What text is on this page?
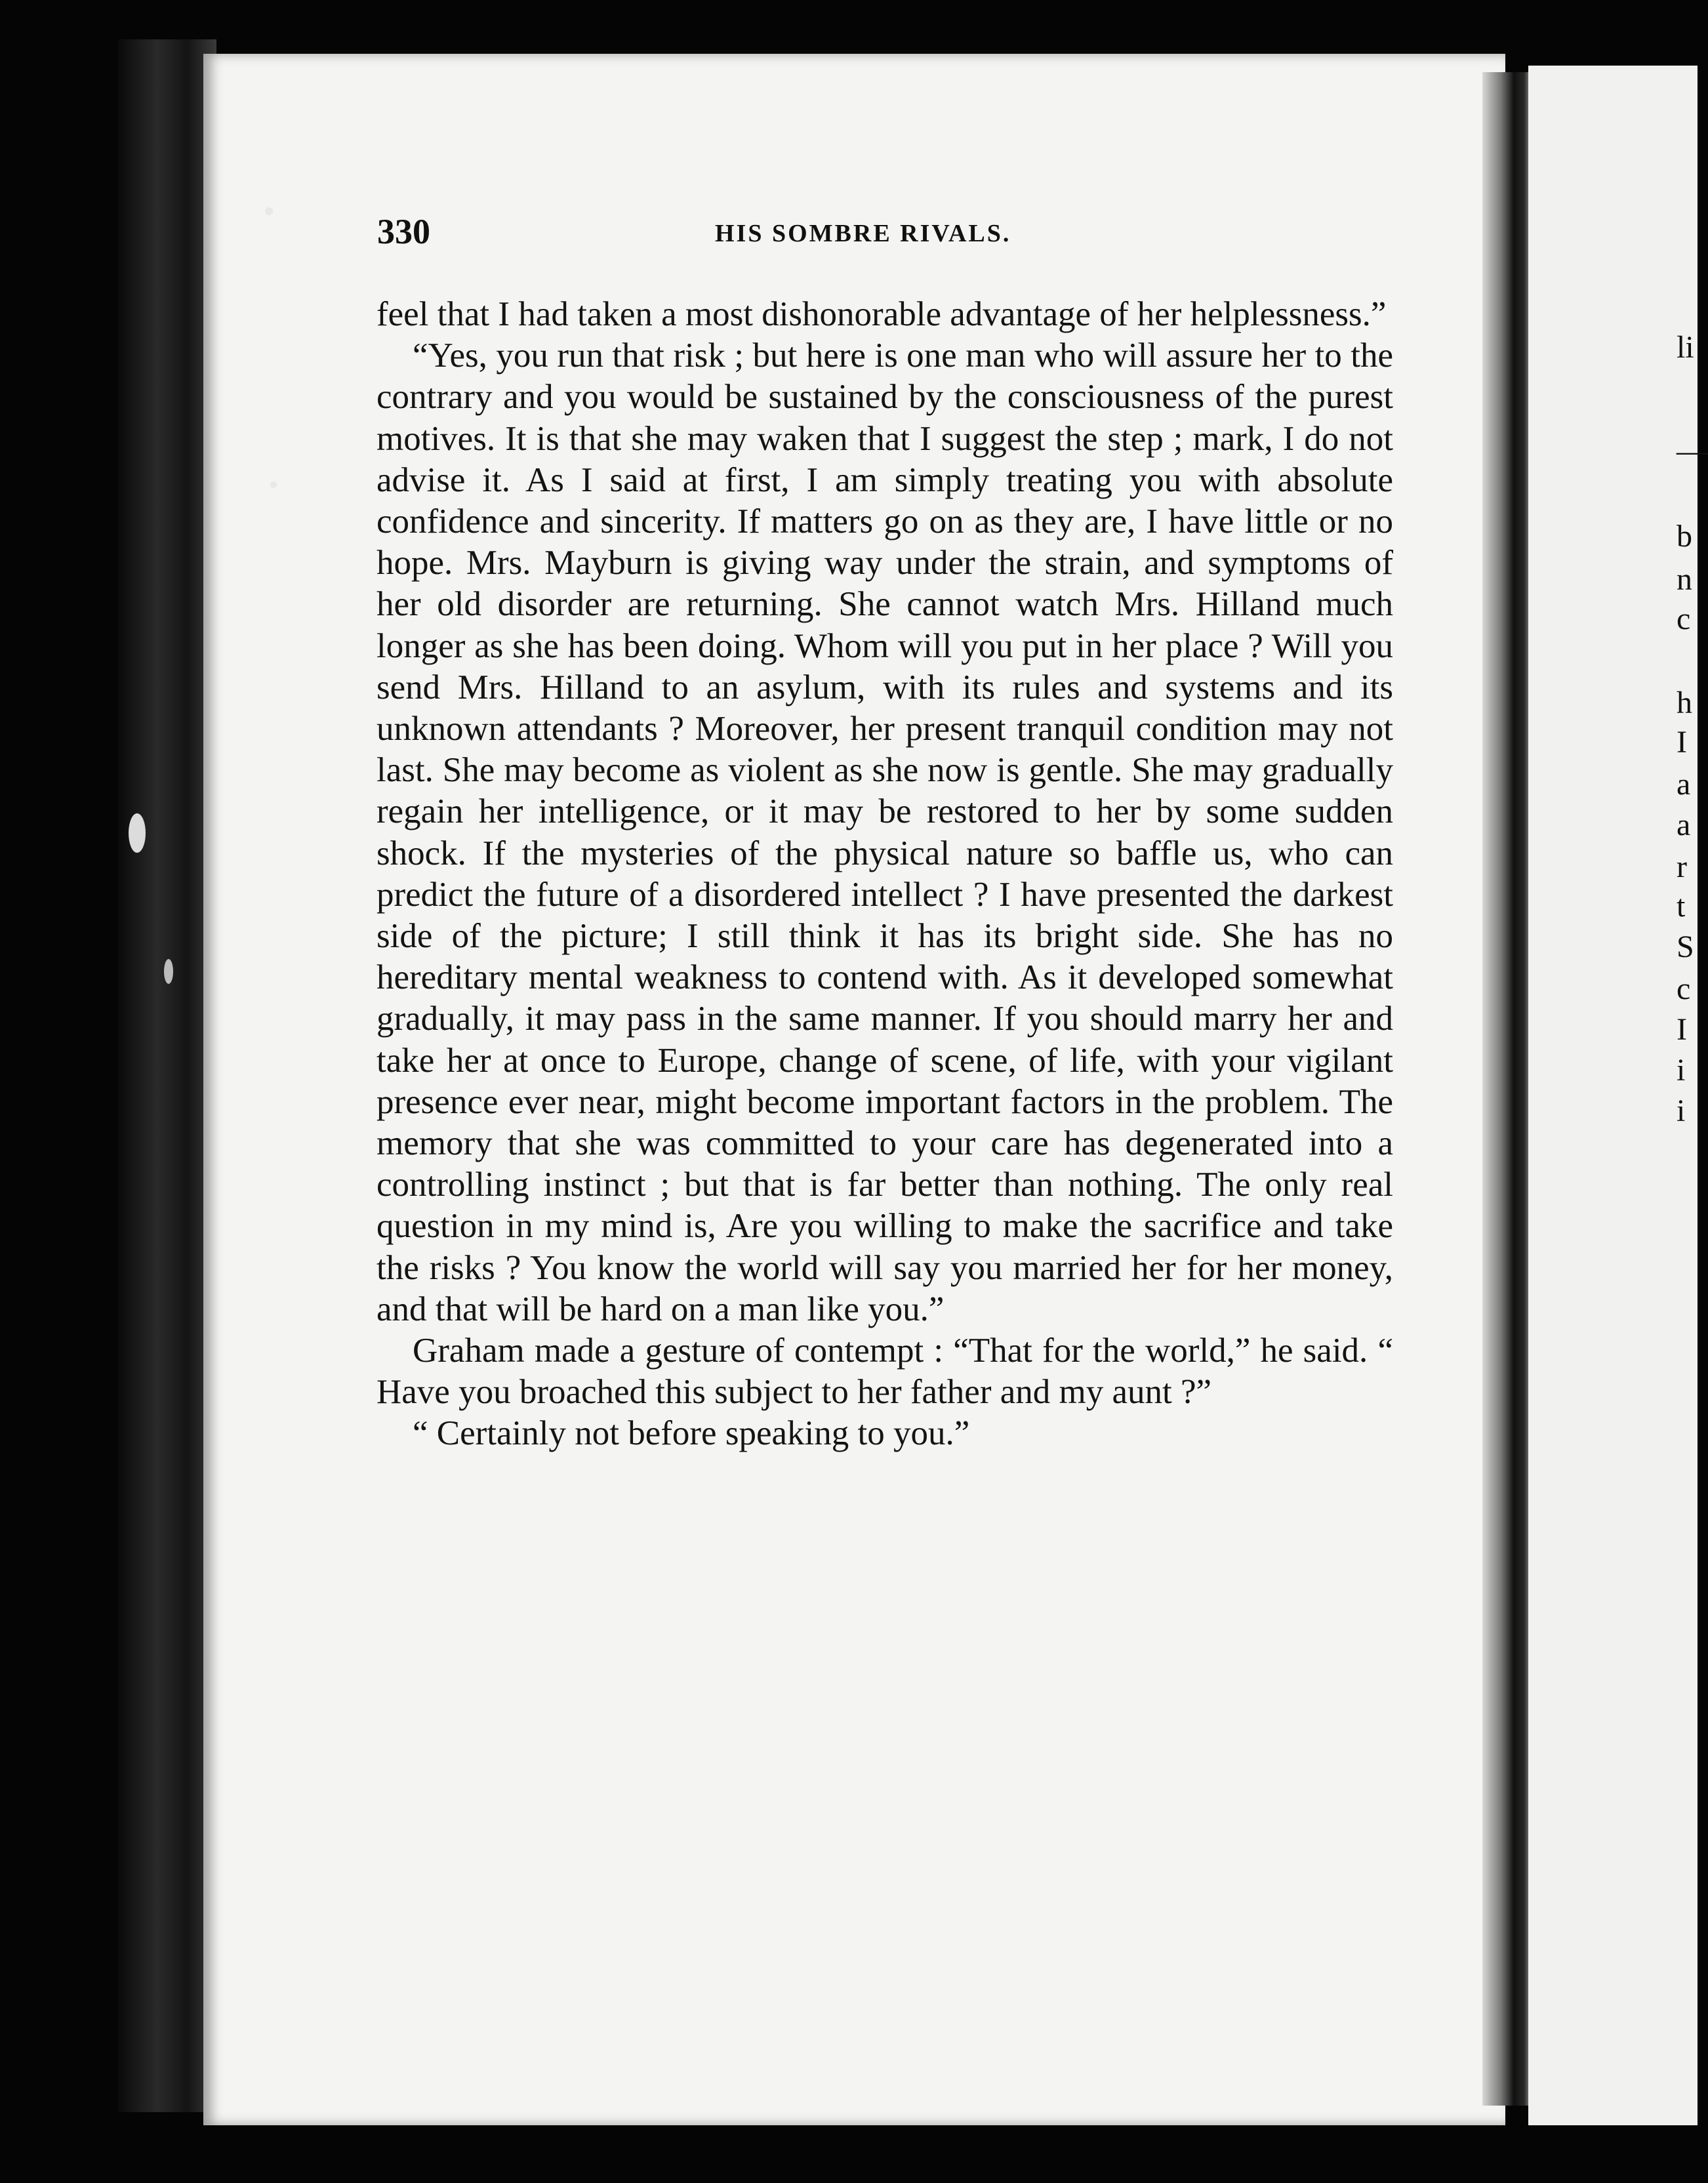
li
—
b
n
c
h
I
a
a
r
t
S
c
I
i
i
330	HIS SOMBRE RIVALS.

feel that I had taken a most dishonorable advantage of her helplessness.”

“Yes, you run that risk ; but here is one man who will assure her to the contrary and you would be sustained by the consciousness of the purest motives. It is that she may waken that I suggest the step ; mark, I do not advise it. As I said at first, I am simply treating you with absolute confidence and sincerity. If matters go on as they are, I have little or no hope. Mrs. Mayburn is giving way under the strain, and symptoms of her old disorder are returning. She cannot watch Mrs. Hilland much longer as she has been doing. Whom will you put in her place ? Will you send Mrs. Hilland to an asylum, with its rules and systems and its unknown attendants ? Moreover, her present tranquil condition may not last. She may become as violent as she now is gentle. She may gradually regain her intelligence, or it may be restored to her by some sudden shock. If the mysteries of the physical nature so baffle us, who can predict the future of a disordered intellect ? I have presented the darkest side of the picture; I still think it has its bright side. She has no hereditary mental weakness to contend with. As it developed somewhat gradually, it may pass in the same manner. If you should marry her and take her at once to Europe, change of scene, of life, with your vigilant presence ever near, might become important factors in the problem. The memory that she was committed to your care has degenerated into a controlling instinct ; but that is far better than nothing. The only real question in my mind is, Are you willing to make the sacrifice and take the risks ? You know the world will say you married her for her money, and that will be hard on a man like you.”

Graham made a gesture of contempt : “That for the world,” he said. “ Have you broached this subject to her father and my aunt ?”

“ Certainly not before speaking to you.”
